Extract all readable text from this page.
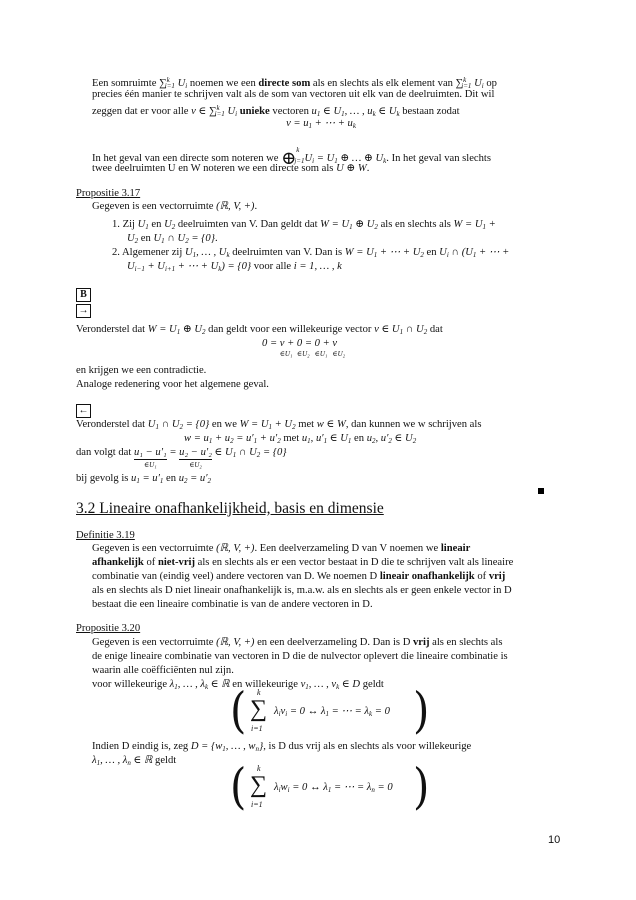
Een somruimte ∑$^k_{i=1}$ $U_i$ noemen we een directe som als en slechts als elk element van ∑$^k_{i=1}$ $U_i$ op
precies één manier te schrijven valt als de som van vectoren uit elk van de deelruimten. Dit wil
zeggen dat er voor alle v ∈ ∑$^k_{i=1}$ $U_i$ unieke vectoren $u_1$ ∈ $U_1$, … , $u_k$ ∈ $U_k$ bestaan zodat
$v = u_1$ + ⋯ + $u_k$
In het geval van een directe som noteren we $\oplus^k_{j=1}U_i = U_1$ ⊕ … ⊕ $U_k$. In het geval van slechts
twee deelruimten U en W noteren we een directe som als U ⊕ W.
Propositie 3.17
Gegeven is een vectorruimte (ℝ, V, +).
1. Zij $U_1$ en $U_2$ deelruimten van V. Dan geldt dat $W = U_1$ ⊕ $U_2$ als en slechts als $W = U_1$ +
$U_2$ en $U_1$ ∩ $U_2 = \{0\}$.
2. Algemener zij $U_1$, … , $U_k$ deelruimten van V. Dan is $W = U_1$ + ⋯ + $U_2$ en $U_i$ ∩ ($U_1$ + ⋯ +
$U_{i-1} + U_{i+1}$ + ⋯ + $U_k) = \{0\}$ voor alle i = 1, … , k
B
→
Veronderstel dat $W = U_1$ ⊕ $U_2$ dan geldt voor een willekeurige vector v ∈ $U_1$ ∩ $U_2$ dat
0 = v
∈U₁
+ 0
∈U₂
= 0
∈U₁
+ v
∈U₂
en krijgen we een contradictie.
Analoge redenering voor het algemene geval.
←
Veronderstel dat $U_1$ ∩ $U_2 = \{0\}$ en we $W = U_1 + U_2$ met w ∈ W, dan kunnen we w schrijven als
$w = u_1 + u_2 = u'_1 + u'_2$ met $u_1$, $u'_1$ ∈ $U_1$ en $u_2$, $u'_2$ ∈ $U_2$
dan volgt dat u₁ − u′₁
∈U₁
= u₂ − u′₂
∈U₂
∈ $U_1$ ∩ $U_2 = \{0\}$
bij gevolg is $u_1 = u'_1$ en $u_2 = u'_2$
3.2 Lineaire onafhankelijkheid, basis en dimensie
Definitie 3.19
Gegeven is een vectorruimte (ℝ, V, +). Een deelverzameling D van V noemen we lineair
afhankelijk of niet-vrij als en slechts als er een vector bestaat in D die te schrijven valt als lineaire
combinatie van (eindig veel) andere vectoren van D. We noemen D lineair onafhankelijk of vrij
als en slechts als D niet lineair onafhankelijk is, m.a.w. als en slechts als er geen enkele vector in D
bestaat die een lineaire combinatie is van de andere vectoren in D.
Propositie 3.20
Gegeven is een vectorruimte (ℝ, V, +) en een deelverzameling D. Dan is D vrij als en slechts als
de enige lineaire combinatie van vectoren in D die de nulvector oplevert die lineaire combinatie is
waarin alle coëfficiënten nul zijn.
voor willekeurige $\lambda_1$, … , $\lambda_k$ ∈ ℝ en willekeurige $v_1$, … , $v_k$ ∈ D geldt
( k
∑
i=1
$\lambda_iv_i = 0$ ↔ $\lambda_1$ = ⋯ = $\lambda_k = 0$ )
Indien D eindig is, zeg $D = \{w_1$, … , $w_n$}, is D dus vrij als en slechts als voor willekeurige
$\lambda_1$, … , $\lambda_n$ ∈ ℝ geldt ( k
∑
i=1
$\lambda_iw_i = 0$ ↔ $\lambda_1$ = ⋯ = $\lambda_n = 0$ )
10
